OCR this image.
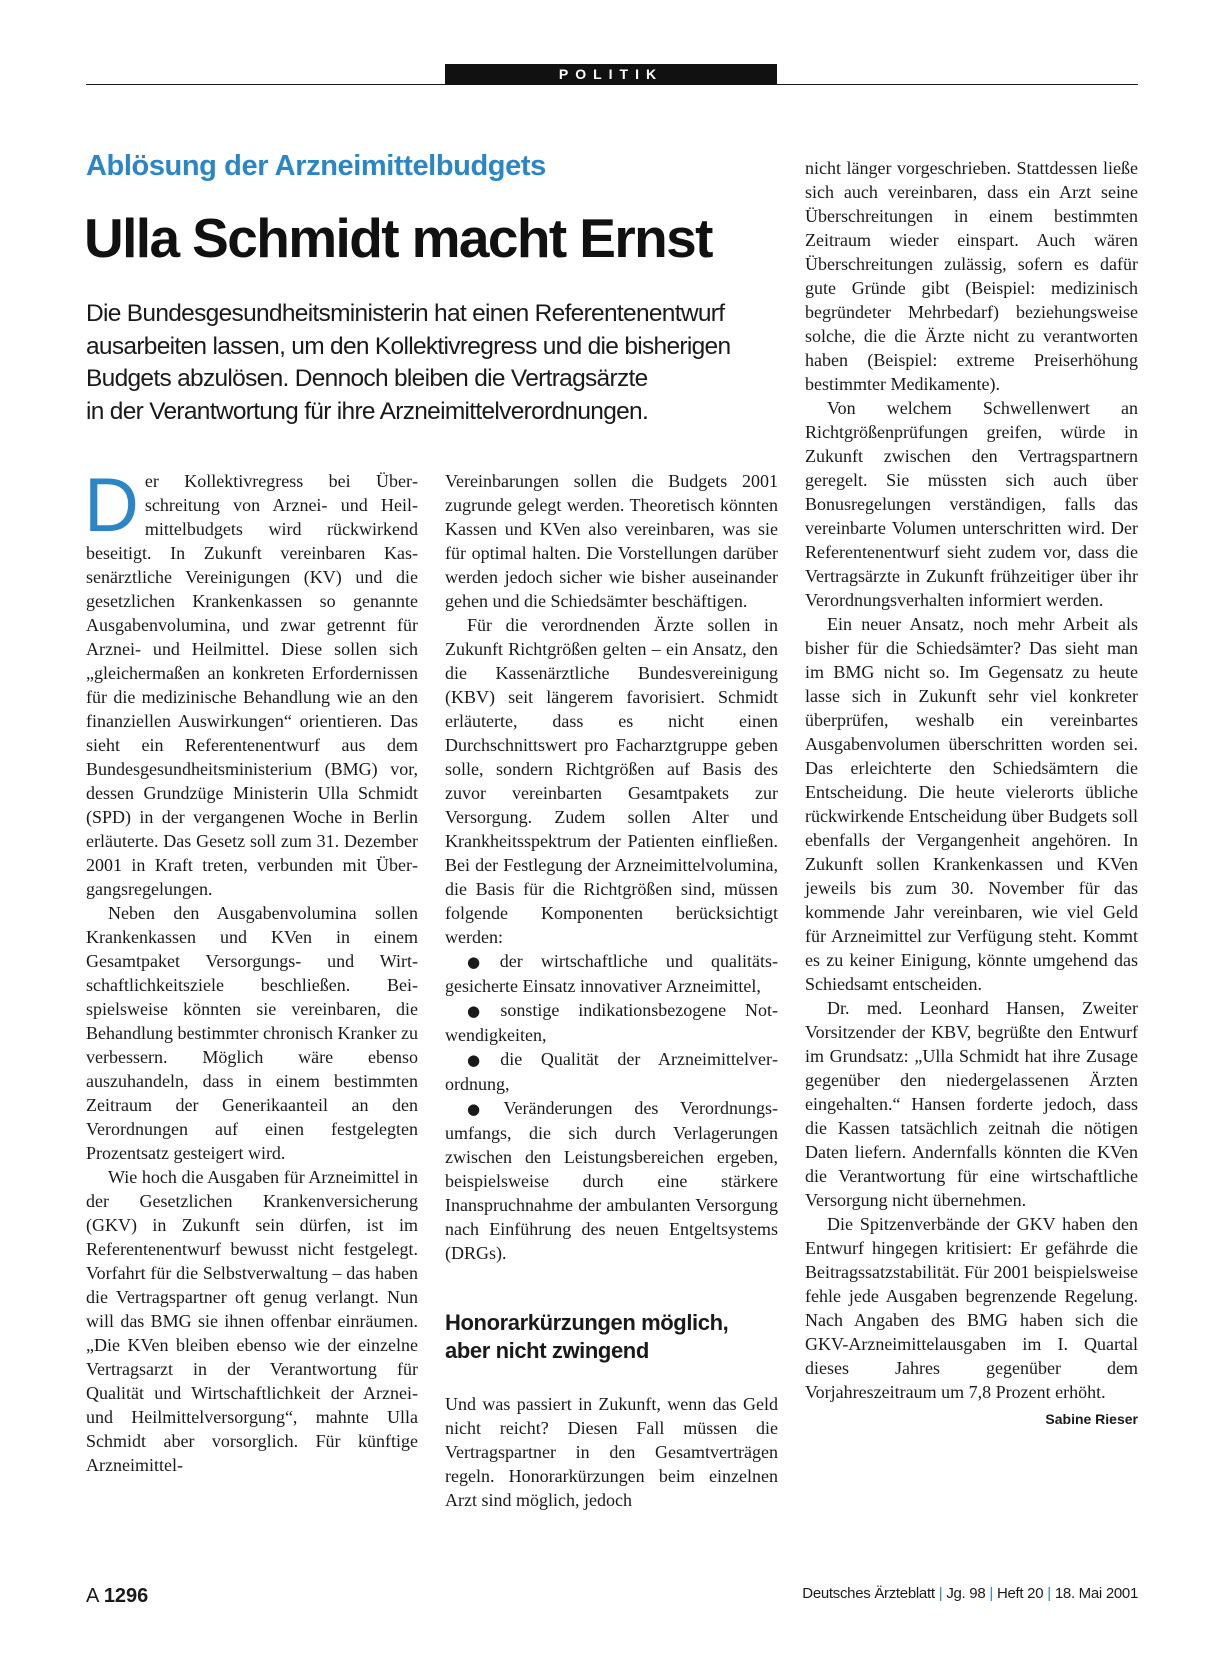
POLITIK
Ablösung der Arzneimittelbudgets
Ulla Schmidt macht Ernst
Die Bundesgesundheitsministerin hat einen Referentenentwurf
ausarbeiten lassen, um den Kollektivregress und die bisherigen
Budgets abzulösen. Dennoch bleiben die Vertragsärzte
in der Verantwortung für ihre Arzneimittelverordnungen.

Der Kollektivregress bei Überschreitung von Arznei- und Heilmittelbudgets wird rückwirkend beseitigt. In Zukunft vereinbaren Kassenärztliche Vereinigungen (KV) und die gesetzlichen Krankenkassen so genannte Ausgabenvolumina, und zwar getrennt für Arznei- und Heilmittel. Diese sollen sich „gleichermaßen an konkreten Erfordernissen für die medizinische Behandlung wie an den finanziellen Auswirkungen“ orientieren. Das sieht ein Referentenentwurf aus dem Bundesgesundheitsministerium (BMG) vor, dessen Grundzüge Ministerin Ulla Schmidt (SPD) in der vergangenen Woche in Berlin erläuterte. Das Gesetz soll zum 31. Dezember 2001 in Kraft treten, verbunden mit Übergangsregelungen.

Neben den Ausgabenvolumina sollen Krankenkassen und KVen in einem Gesamtpaket Versorgungs- und Wirtschaftlichkeitsziele beschließen. Beispielsweise könnten sie vereinbaren, die Behandlung bestimmter chronisch Kranker zu verbessern. Möglich wäre ebenso auszuhandeln, dass in einem bestimmten Zeitraum der Generikaanteil an den Verordnungen auf einen festgelegten Prozentsatz gesteigert wird.

Wie hoch die Ausgaben für Arzneimittel in der Gesetzlichen Krankenversicherung (GKV) in Zukunft sein dürfen, ist im Referentenentwurf bewusst nicht festgelegt. Vorfahrt für die Selbstverwaltung – das haben die Vertragspartner oft genug verlangt. Nun will das BMG sie ihnen offenbar einräumen. „Die KVen bleiben ebenso wie der einzelne Vertragsarzt in der Verantwortung für Qualität und Wirtschaftlichkeit der Arznei- und Heilmittelversorgung“, mahnte Ulla Schmidt aber vorsorglich. Für künftige Arzneimittel-

Vereinbarungen sollen die Budgets 2001 zugrunde gelegt werden. Theoretisch könnten Kassen und KVen also vereinbaren, was sie für optimal halten. Die Vorstellungen darüber werden jedoch sicher wie bisher auseinander gehen und die Schiedsämter beschäftigen.

Für die verordnenden Ärzte sollen in Zukunft Richtgrößen gelten – ein Ansatz, den die Kassenärztliche Bundesvereinigung (KBV) seit längerem favorisiert. Schmidt erläuterte, dass es nicht einen Durchschnittswert pro Facharztgruppe geben solle, sondern Richtgrößen auf Basis des zuvor vereinbarten Gesamtpakets zur Versorgung. Zudem sollen Alter und Krankheitsspektrum der Patienten einfließen. Bei der Festlegung der Arzneimittelvolumina, die Basis für die Richtgrößen sind, müssen folgende Komponenten berücksichtigt werden:

● der wirtschaftliche und qualitätsgesicherte Einsatz innovativer Arzneimittel,

● sonstige indikationsbezogene Notwendigkeiten,

● die Qualität der Arzneimittelverordnung,

● Veränderungen des Verordnungsumfangs, die sich durch Verlagerungen zwischen den Leistungsbereichen ergeben, beispielsweise durch eine stärkere Inanspruchnahme der ambulanten Versorgung nach Einführung des neuen Entgeltsystems (DRGs).

Honorarkürzungen möglich,
aber nicht zwingend

Und was passiert in Zukunft, wenn das Geld nicht reicht? Diesen Fall müssen die Vertragspartner in den Gesamtverträgen regeln. Honorarkürzungen beim einzelnen Arzt sind möglich, jedoch

nicht länger vorgeschrieben. Stattdessen ließe sich auch vereinbaren, dass ein Arzt seine Überschreitungen in einem bestimmten Zeitraum wieder einspart. Auch wären Überschreitungen zulässig, sofern es dafür gute Gründe gibt (Beispiel: medizinisch begründeter Mehrbedarf) beziehungsweise solche, die die Ärzte nicht zu verantworten haben (Beispiel: extreme Preiserhöhung bestimmter Medikamente).

Von welchem Schwellenwert an Richtgrößenprüfungen greifen, würde in Zukunft zwischen den Vertragspartnern geregelt. Sie müssten sich auch über Bonusregelungen verständigen, falls das vereinbarte Volumen unterschritten wird. Der Referentenentwurf sieht zudem vor, dass die Vertragsärzte in Zukunft frühzeitiger über ihr Verordnungsverhalten informiert werden.

Ein neuer Ansatz, noch mehr Arbeit als bisher für die Schiedsämter? Das sieht man im BMG nicht so. Im Gegensatz zu heute lasse sich in Zukunft sehr viel konkreter überprüfen, weshalb ein vereinbartes Ausgabenvolumen überschritten worden sei. Das erleichterte den Schiedsämtern die Entscheidung. Die heute vielerorts übliche rückwirkende Entscheidung über Budgets soll ebenfalls der Vergangenheit angehören. In Zukunft sollen Krankenkassen und KVen jeweils bis zum 30. November für das kommende Jahr vereinbaren, wie viel Geld für Arzneimittel zur Verfügung steht. Kommt es zu keiner Einigung, könnte umgehend das Schiedsamt entscheiden.

Dr. med. Leonhard Hansen, Zweiter Vorsitzender der KBV, begrüßte den Entwurf im Grundsatz: „Ulla Schmidt hat ihre Zusage gegenüber den niedergelassenen Ärzten eingehalten.“ Hansen forderte jedoch, dass die Kassen tatsächlich zeitnah die nötigen Daten liefern. Andernfalls könnten die KVen die Verantwortung für eine wirtschaftliche Versorgung nicht übernehmen.

Die Spitzenverbände der GKV haben den Entwurf hingegen kritisiert: Er gefährde die Beitragssatzstabilität. Für 2001 beispielsweise fehle jede Ausgaben begrenzende Regelung. Nach Angaben des BMG haben sich die GKV-Arzneimittelausgaben im I. Quartal dieses Jahres gegenüber dem Vorjahreszeitraum um 7,8 Prozent erhöht.
Sabine Rieser

A 1296	Deutsches Ärzteblatt | Jg. 98 | Heft 20 | 18. Mai 2001
